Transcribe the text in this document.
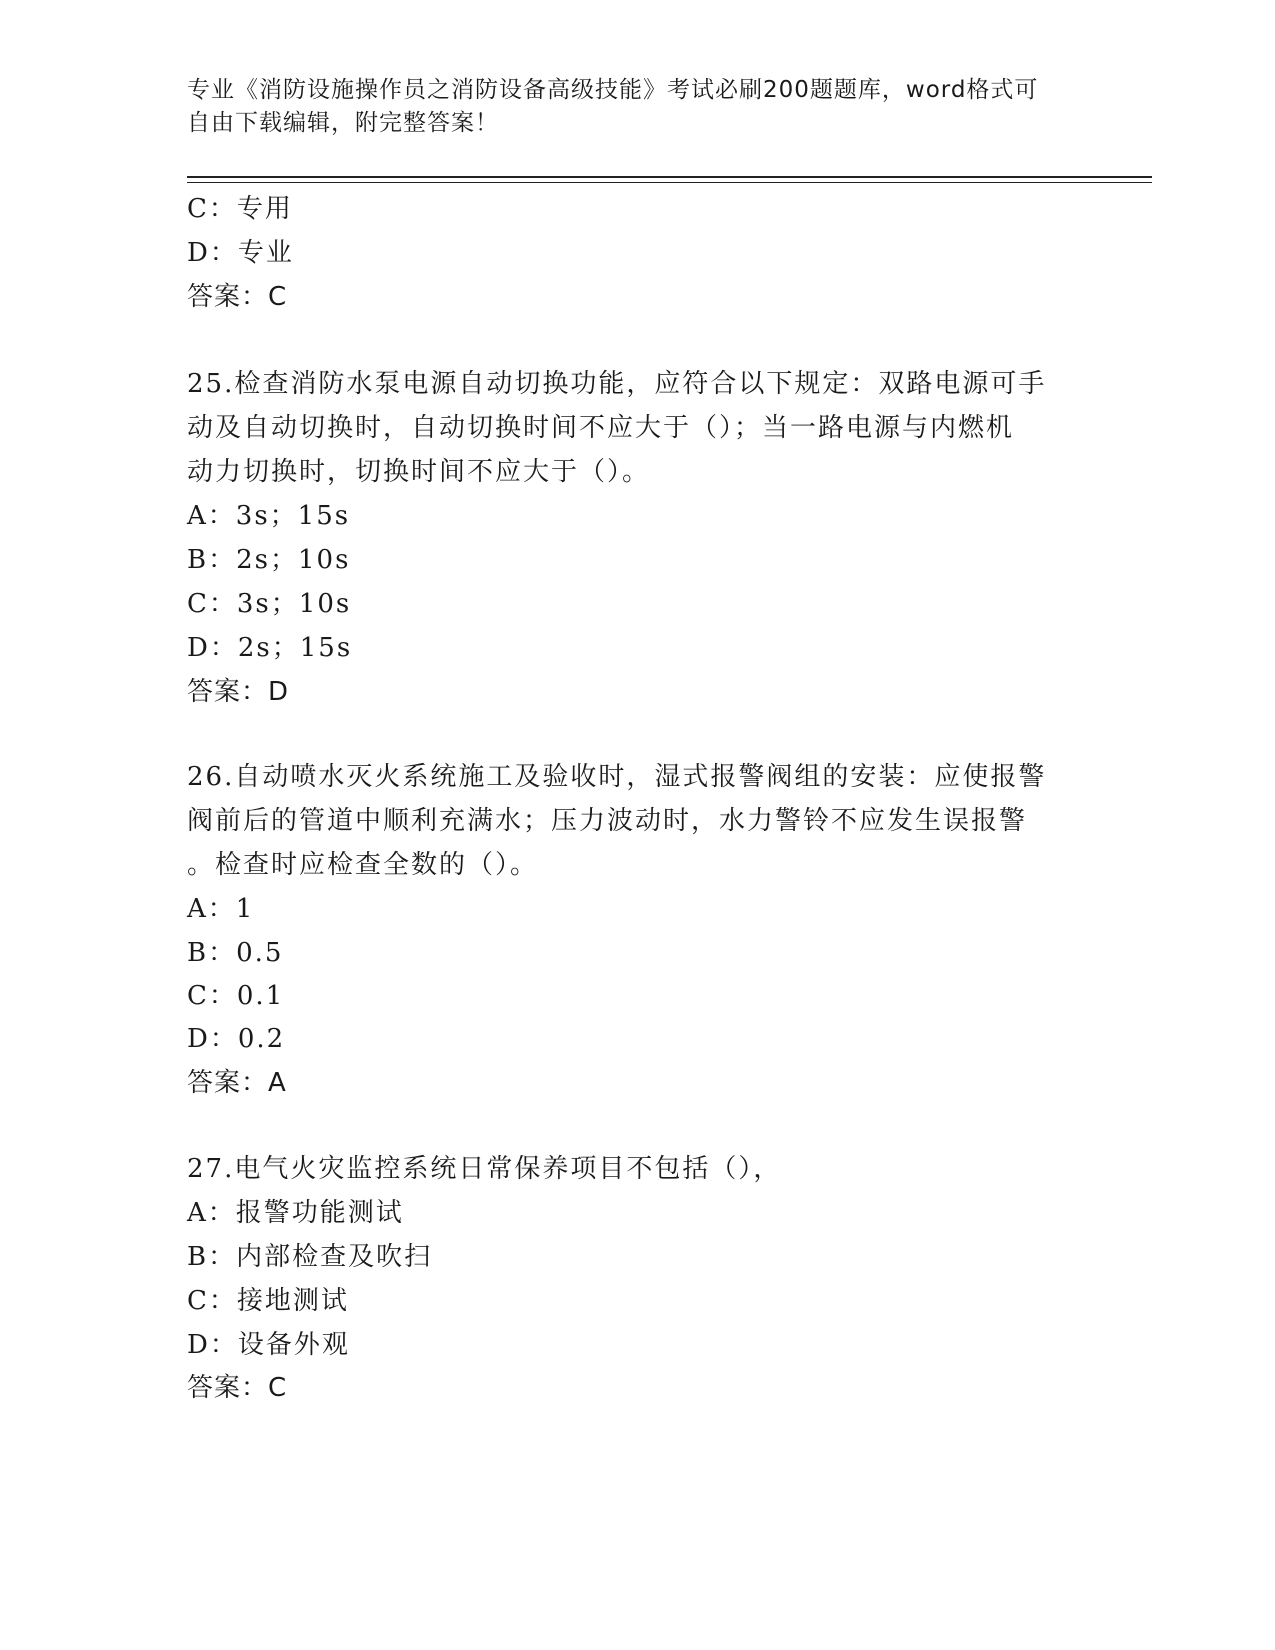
专业《消防设施操作员之消防设备高级技能》考试必刷200题题库，word格式可
自由下载编辑，附完整答案！

C：专用

D：专业

答案：C

25.检查消防水泵电源自动切换功能，应符合以下规定：双路电源可手

动及自动切换时，自动切换时间不应大于（）；当一路电源与内燃机

动力切换时，切换时间不应大于（）。

A：3s；15s

B：2s；10s

C：3s；10s

D：2s；15s

答案：D

26.自动喷水灭火系统施工及验收时，湿式报警阀组的安装：应使报警

阀前后的管道中顺利充满水；压力波动时，水力警铃不应发生误报警

。检查时应检查全数的（）。

A：1

B：0.5

C：0.1

D：0.2

答案：A

27.电气火灾监控系统日常保养项目不包括（），

A：报警功能测试

B：内部检查及吹扫

C：接地测试

D：设备外观

答案：C
